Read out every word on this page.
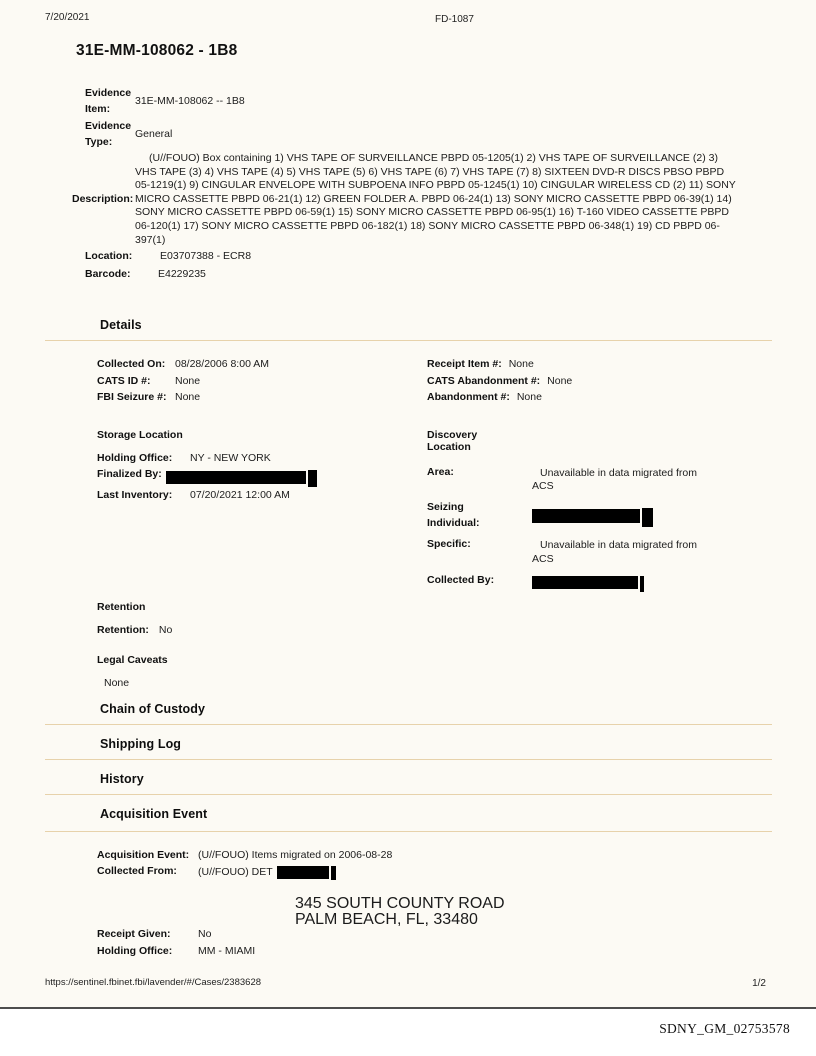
7/20/2021	FD-1087
31E-MM-108062 - 1B8
Evidence Item:
31E-MM-108062 -- 1B8
Evidence Type:
General
Description:
(U//FOUO) Box containing 1) VHS TAPE OF SURVEILLANCE PBPD 05-1205(1) 2) VHS TAPE OF SURVEILLANCE (2) 3) VHS TAPE (3) 4) VHS TAPE (4) 5) VHS TAPE (5) 6) VHS TAPE (6) 7) VHS TAPE (7) 8) SIXTEEN DVD-R DISCS PBSO PBPD 05-1219(1) 9) CINGULAR ENVELOPE WITH SUBPOENA INFO PBPD 05-1245(1) 10) CINGULAR WIRELESS CD (2) 11) SONY MICRO CASSETTE PBPD 06-21(1) 12) GREEN FOLDER A. PBPD 06-24(1) 13) SONY MICRO CASSETTE PBPD 06-39(1) 14) SONY MICRO CASSETTE PBPD 06-59(1) 15) SONY MICRO CASSETTE PBPD 06-95(1) 16) T-160 VIDEO CASSETTE PBPD 06-120(1) 17) SONY MICRO CASSETTE PBPD 06-182(1) 18) SONY MICRO CASSETTE PBPD 06-348(1) 19) CD PBPD 06-397(1)
Location:	E03707388 - ECR8
Barcode:	E4229235
Details
Collected On: 08/28/2006 8:00 AM
CATS ID #:	None
FBI Seizure #: None
Receipt Item #: None
CATS Abandonment #: None
Abandonment #: None
Storage Location
Holding Office:	NY - NEW YORK
Finalized By:
Last Inventory:	07/20/2021 12:00 AM
Discovery Location
Area:	Unavailable in data migrated from ACS
Seizing Individual:
Specific:	Unavailable in data migrated from ACS
Collected By:
Retention
Retention: No
Legal Caveats
None
Chain of Custody
Shipping Log
History
Acquisition Event
Acquisition Event: (U//FOUO) Items migrated on 2006-08-28
Collected From:	(U//FOUO) DET
345 SOUTH COUNTY ROAD
PALM BEACH, FL, 33480
Receipt Given:	No
Holding Office:	MM - MIAMI
https://sentinel.fbinet.fbi/lavender/#/Cases/2383628	1/2
SDNY_GM_02753578
